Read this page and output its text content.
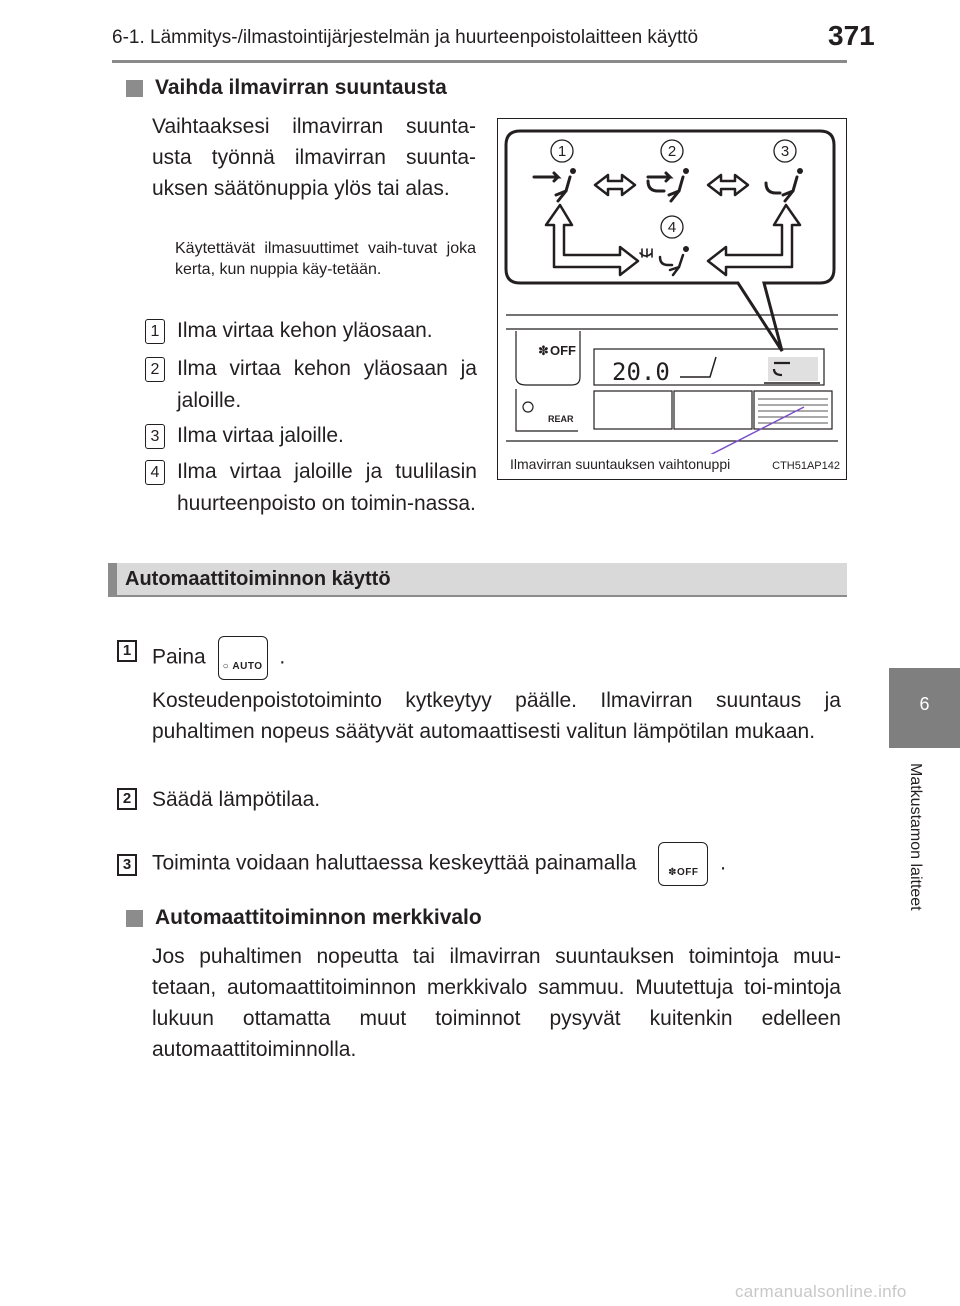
6-1. Lämmitys-/ilmastointijärjestelmän ja huurteenpoistolaitteen käyttö	371
6
Matkustamon laitteet
Vaihda ilmavirran suuntausta
Vaihtaaksesi ilmavirran suunta-usta työnnä ilmavirran suunta-uksen säätönuppia ylös tai alas.
Käytettävät ilmasuuttimet vaih-tuvat joka kerta, kun nuppia käy-tetään.
1 Ilma virtaa kehon yläosaan.
2 Ilma virtaa kehon yläosaan ja jaloille.
3 Ilma virtaa jaloille.
4 Ilma virtaa jaloille ja tuulilasin huurteenpoisto on toimin-nassa.
1	2	3
4
OFF
✽
20.0
REAR
Ilmavirran suuntauksen vaihtonuppi	CTH51AP142
Automaattitoiminnon käyttö
1 Paina	○ AUTO .
Kosteudenpoistotoiminto kytkeytyy päälle. Ilmavirran suuntaus ja puhaltimen nopeus säätyvät automaattisesti valitun lämpötilan mukaan.
2 Säädä lämpötilaa.
3 Toiminta voidaan haluttaessa keskeyttää painamalla	✽OFF	.
Automaattitoiminnon merkkivalo
Jos puhaltimen nopeutta tai ilmavirran suuntauksen toimintoja muu-tetaan, automaattitoiminnon merkkivalo sammuu. Muutettuja toi-mintoja lukuun ottamatta muut toiminnot pysyvät kuitenkin edelleen automaattitoiminnolla.
carmanualsonline.info
